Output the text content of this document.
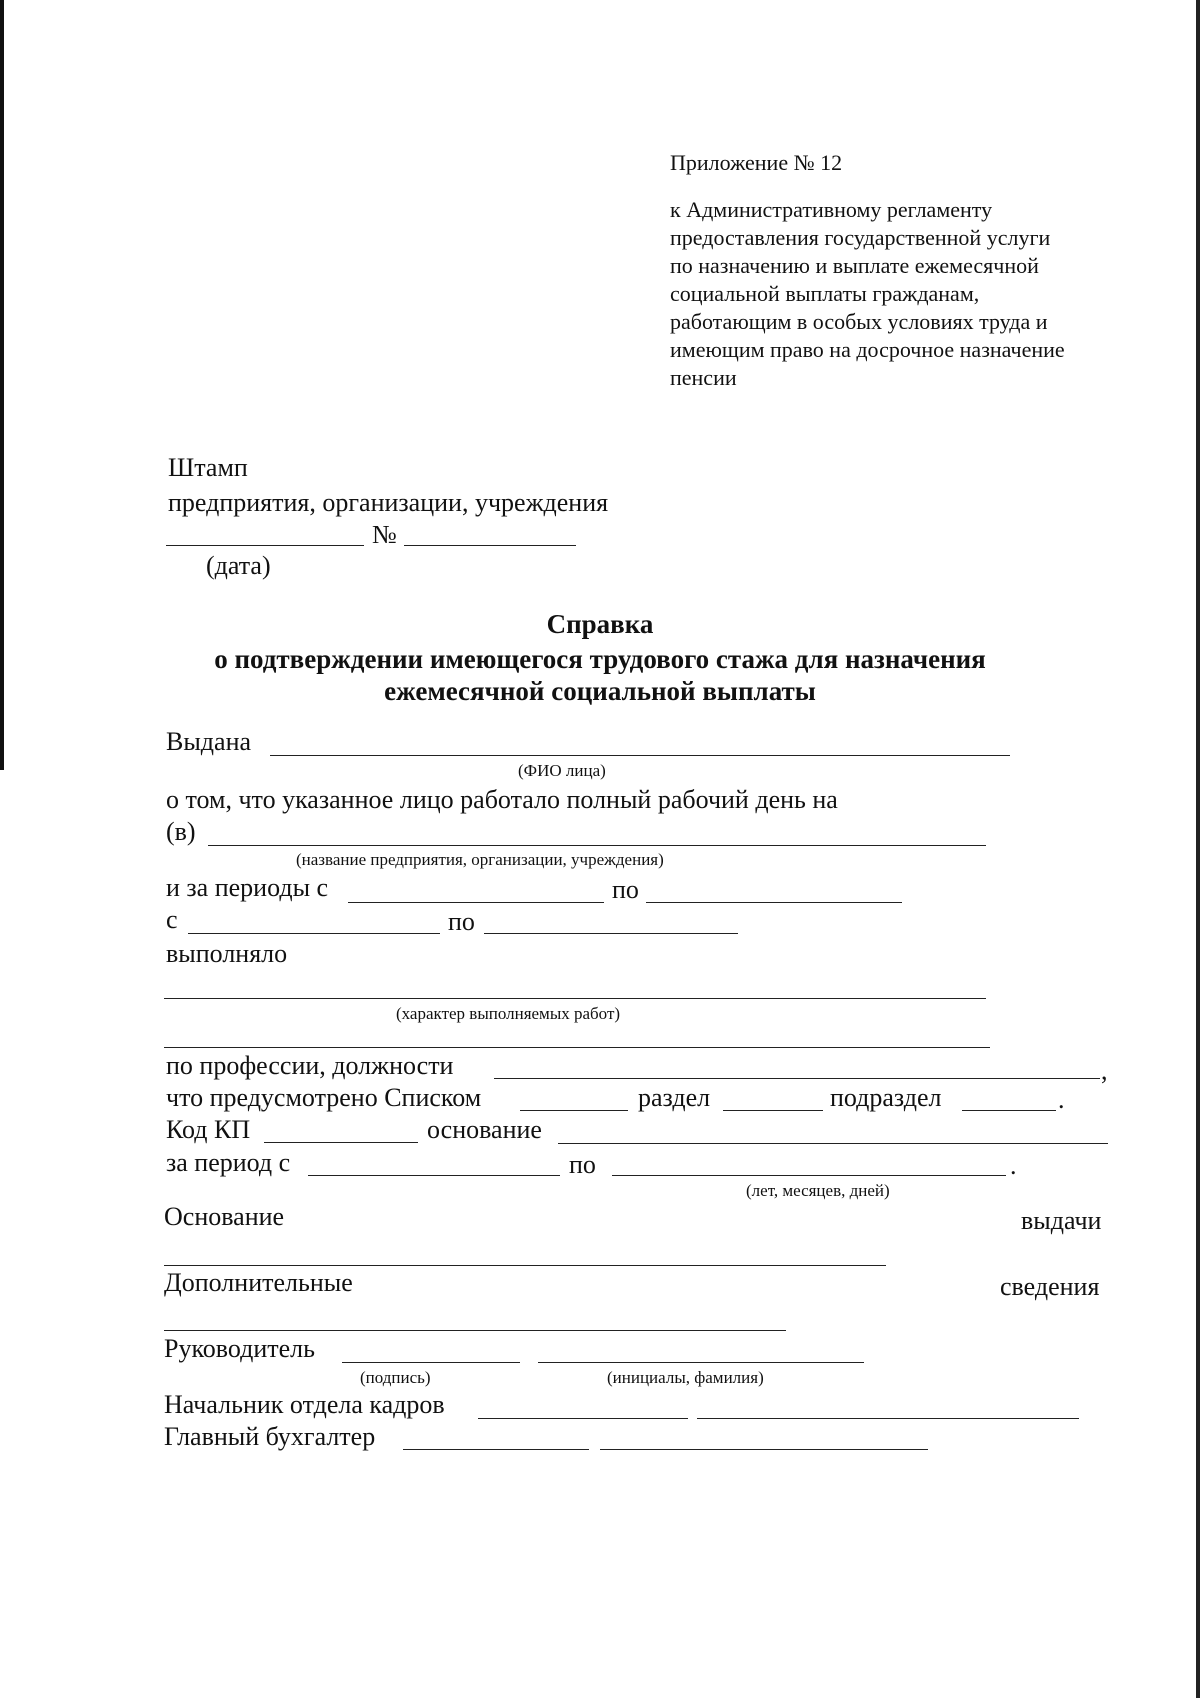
Приложение № 12
к Административному регламенту
предоставления государственной услуги
по назначению и выплате ежемесячной
социальной выплаты гражданам,
работающим в особых условиях труда и
имеющим право на досрочное назначение
пенсии
Штамп
предприятия, организации, учреждения
№
(дата)
Справка
о подтверждении имеющегося трудового стажа для назначения
ежемесячной социальной выплаты
Выдана
(ФИО лица)
о том, что указанное лицо работало полный рабочий день на
(в)
(название предприятия, организации, учреждения)
и за периоды с	по
с	по
выполняло
(характер выполняемых работ)
по профессии, должности	,
что предусмотрено Списком	раздел	подраздел	.
Код КП	основание
за период с	по	.
(лет, месяцев, дней)
Основание	выдачи
Дополнительные	сведения
Руководитель
(подпись)	(инициалы, фамилия)
Начальник отдела кадров
Главный бухгалтер
